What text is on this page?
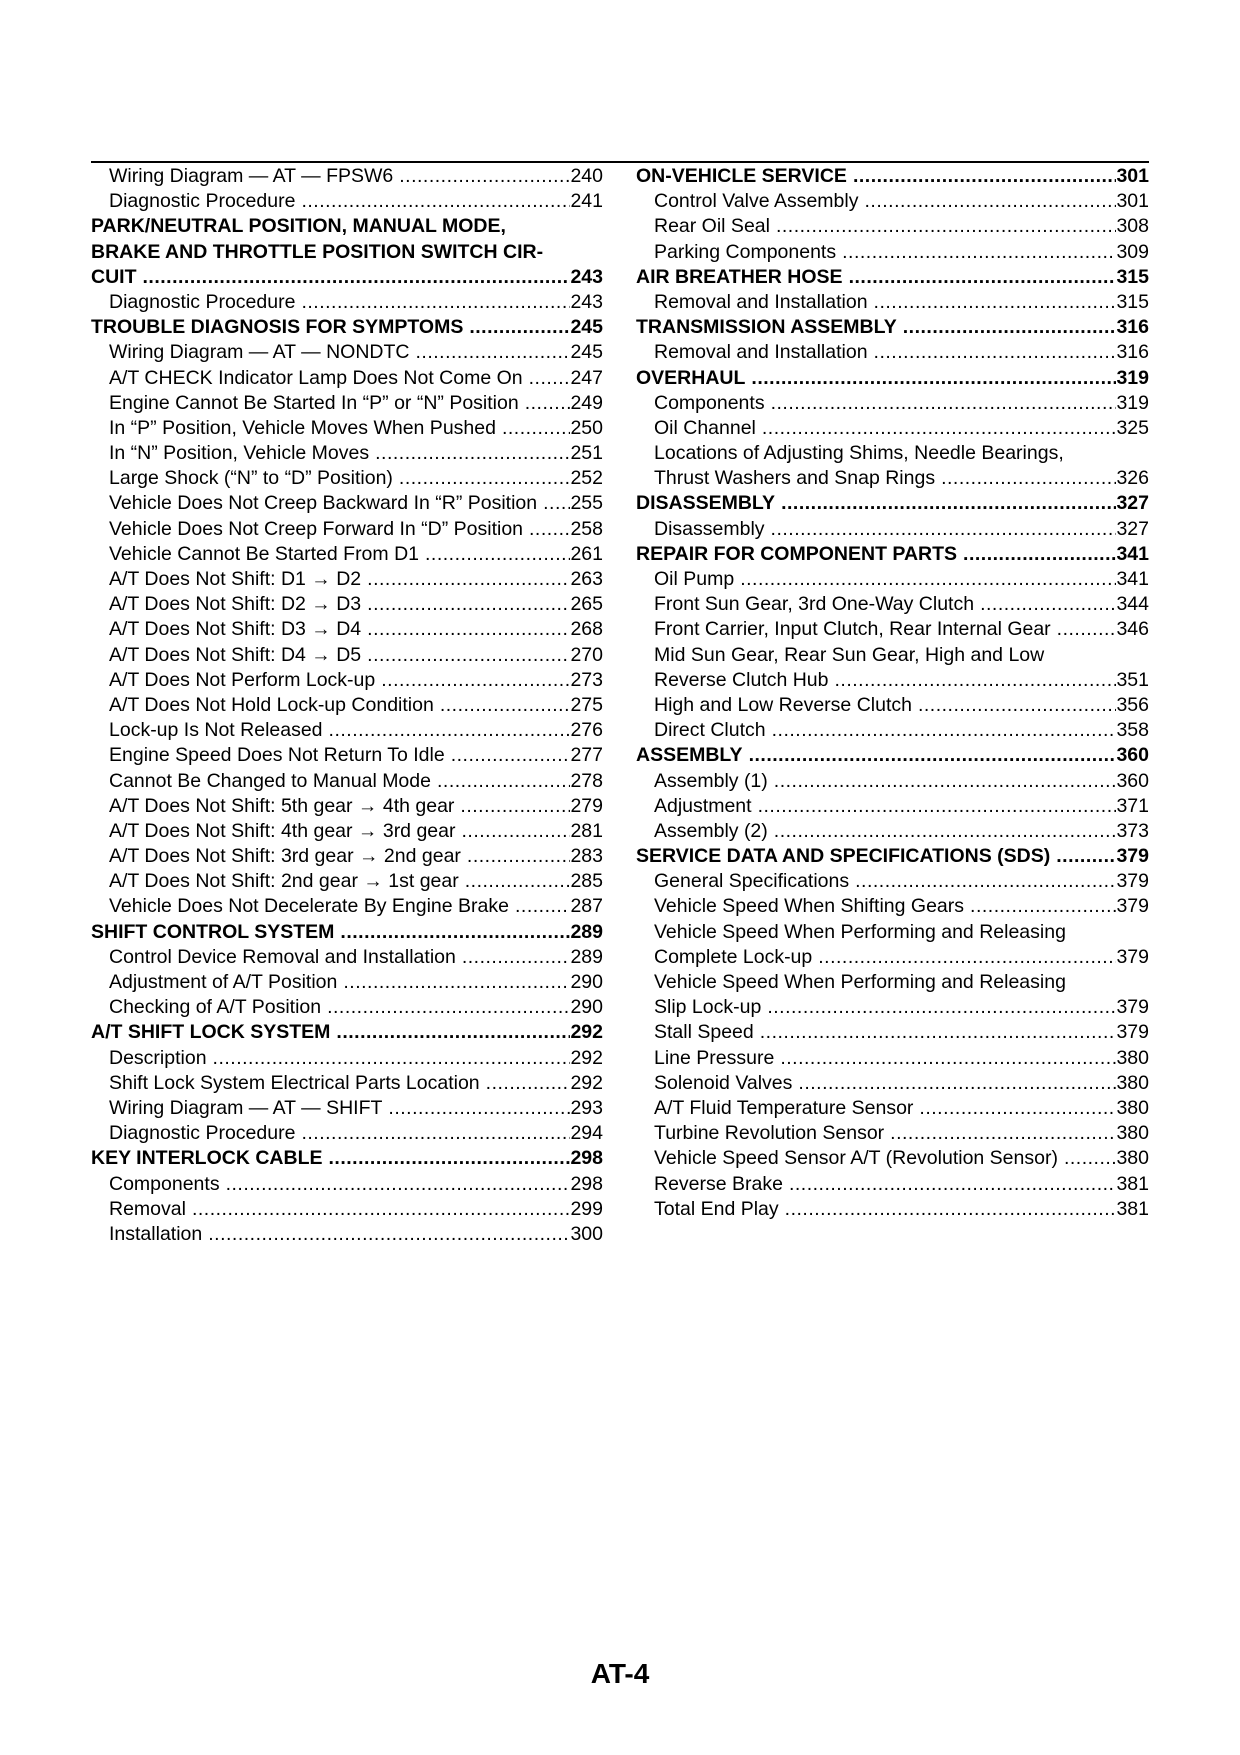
Wiring Diagram — AT — FPSW6 .....	240
Diagnostic Procedure .....	241
PARK/NEUTRAL POSITION, MANUAL MODE,
BRAKE AND THROTTLE POSITION SWITCH CIR-
CUIT .....	243
Diagnostic Procedure .....	243
TROUBLE DIAGNOSIS FOR SYMPTOMS .....	245
Wiring Diagram — AT — NONDTC .....	245
A/T CHECK Indicator Lamp Does Not Come On ..... 247
Engine Cannot Be Started In “P” or “N” Position .....	249
In “P” Position, Vehicle Moves When Pushed .....	250
In “N” Position, Vehicle Moves .....	251
Large Shock (“N” to “D” Position) .....	252
Vehicle Does Not Creep Backward In “R” Position ..... 255
Vehicle Does Not Creep Forward In “D” Position ..... 258
Vehicle Cannot Be Started From D1 .....	261
A/T Does Not Shift: D1 → D2 .....	263
A/T Does Not Shift: D2 → D3 .....	265
A/T Does Not Shift: D3 → D4 .....	268
A/T Does Not Shift: D4 → D5 .....	270
A/T Does Not Perform Lock-up .....	273
A/T Does Not Hold Lock-up Condition .....	275
Lock-up Is Not Released .....	276
Engine Speed Does Not Return To Idle .....	277
Cannot Be Changed to Manual Mode .....	278
A/T Does Not Shift: 5th gear → 4th gear .....	279
A/T Does Not Shift: 4th gear → 3rd gear .....	281
A/T Does Not Shift: 3rd gear → 2nd gear .....	283
A/T Does Not Shift: 2nd gear → 1st gear .....	285
Vehicle Does Not Decelerate By Engine Brake .....	287
SHIFT CONTROL SYSTEM .....	289
Control Device Removal and Installation .....	289
Adjustment of A/T Position .....	290
Checking of A/T Position .....	290
A/T SHIFT LOCK SYSTEM .....	292
Description .....	292
Shift Lock System Electrical Parts Location .....	292
Wiring Diagram — AT — SHIFT .....	293
Diagnostic Procedure .....	294
KEY INTERLOCK CABLE .....	298
Components .....	298
Removal .....	299
Installation .....	300
ON-VEHICLE SERVICE .....	301
Control Valve Assembly .....	301
Rear Oil Seal .....	308
Parking Components .....	309
AIR BREATHER HOSE .....	315
Removal and Installation .....	315
TRANSMISSION ASSEMBLY .....	316
Removal and Installation .....	316
OVERHAUL .....	319
Components .....	319
Oil Channel .....	325
Locations of Adjusting Shims, Needle Bearings,
Thrust Washers and Snap Rings .....	326
DISASSEMBLY .....	327
Disassembly .....	327
REPAIR FOR COMPONENT PARTS .....	341
Oil Pump .....	341
Front Sun Gear, 3rd One-Way Clutch .....	344
Front Carrier, Input Clutch, Rear Internal Gear .....	346
Mid Sun Gear, Rear Sun Gear, High and Low
Reverse Clutch Hub .....	351
High and Low Reverse Clutch .....	356
Direct Clutch .....	358
ASSEMBLY .....	360
Assembly (1) .....	360
Adjustment .....	371
Assembly (2) .....	373
SERVICE DATA AND SPECIFICATIONS (SDS) .....	379
General Specifications .....	379
Vehicle Speed When Shifting Gears .....	379
Vehicle Speed When Performing and Releasing
Complete Lock-up .....	379
Vehicle Speed When Performing and Releasing
Slip Lock-up .....	379
Stall Speed .....	379
Line Pressure .....	380
Solenoid Valves .....	380
A/T Fluid Temperature Sensor .....	380
Turbine Revolution Sensor .....	380
Vehicle Speed Sensor A/T (Revolution Sensor) .....	380
Reverse Brake .....	381
Total End Play .....	381
AT-4
